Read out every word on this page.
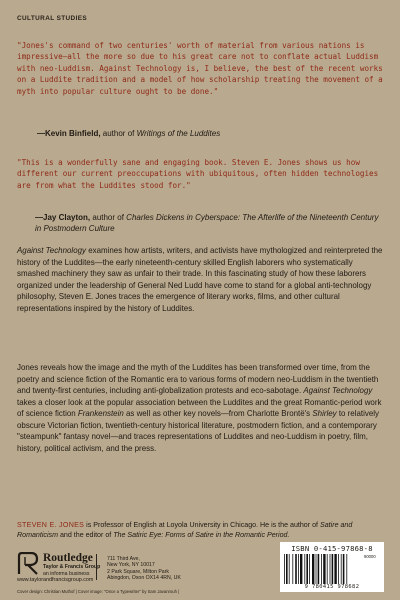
CULTURAL STUDIES
"Jones's command of two centuries' worth of material from various nations is impressive—all the more so due to his great care not to conflate actual Luddism with neo-Luddism. Against Technology is, I believe, the best of the recent works on a Luddite tradition and a model of how scholarship treating the movement of a myth into popular culture ought to be done."
—Kevin Binfield, author of Writings of the Luddites
"This is a wonderfully sane and engaging book. Steven E. Jones shows us how different our current preoccupations with ubiquitous, often hidden technologies are from what the Luddites stood for."
—Jay Clayton, author of Charles Dickens in Cyberspace: The Afterlife of the Nineteenth Century in Postmodern Culture
Against Technology examines how artists, writers, and activists have mythologized and reinterpreted the history of the Luddites—the early nineteenth-century skilled English laborers who systematically smashed machinery they saw as unfair to their trade. In this fascinating study of how these laborers organized under the leadership of General Ned Ludd have come to stand for a global anti-technology philosophy, Steven E. Jones traces the emergence of literary works, films, and other cultural representations inspired by the history of Luddites.
Jones reveals how the image and the myth of the Luddites has been transformed over time, from the poetry and science fiction of the Romantic era to various forms of modern neo-Luddism in the twentieth and twenty-first centuries, including anti-globalization protests and eco-sabotage. Against Technology takes a closer look at the popular association between the Luddites and the great Romantic-period work of science fiction Frankenstein as well as other key novels—from Charlotte Brontë's Shirley to relatively obscure Victorian fiction, twentieth-century historical literature, postmodern fiction, and a contemporary "steampunk" fantasy novel—and traces representations of Luddites and neo-Luddism in poetry, film, history, political activism, and the press.
STEVEN E. JONES is Professor of English at Loyola University in Chicago. He is the author of Satire and Romanticism and the editor of The Satiric Eye: Forms of Satire in the Romantic Period.
Routledge
Taylor & Francis Group
an informa business
www.taylorandfrancisgroup.com
Cover design: Christian Muthof | Cover image: "Once a Typewriter" by Sam Javanrouh |
711 Third Ave,
New York, NY 10017
2 Park Square, Milton Park
Abingdon, Oxon OX14 4RN, UK
ISBN 0-415-97868-8
90000
9 780415 978682
